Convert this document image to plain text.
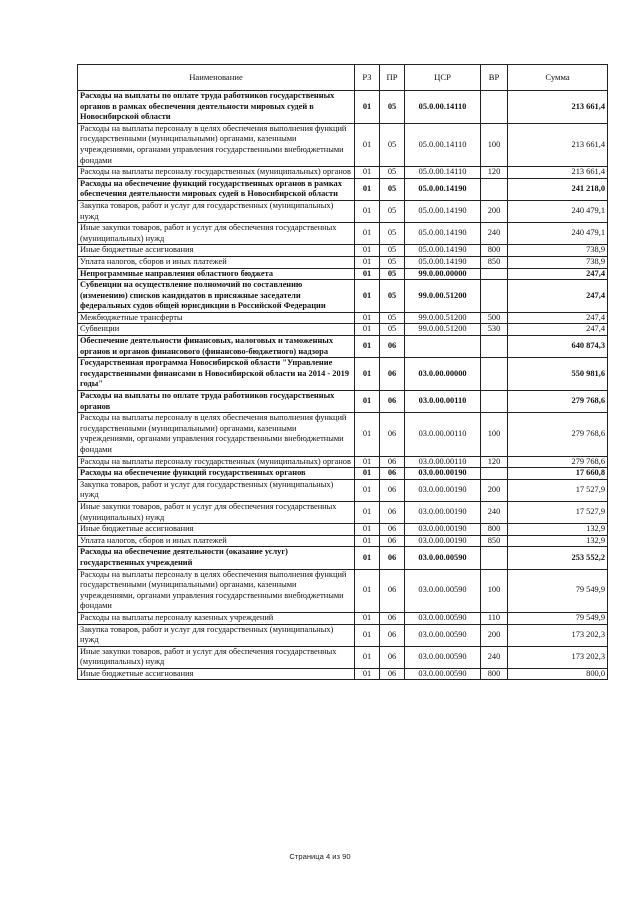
Наименование	РЗ	ПР	ЦСР	ВР	Сумма
Расходы на выплаты по оплате труда работников государственных органов в рамках обеспечения деятельности мировых судей в Новосибирской области	01	05	05.0.00.14110		213 661,4
Расходы на выплаты персоналу в целях обеспечения выполнения функций государственными (муниципальными) органами, казенными учреждениями, органами управления государственными внебюджетными фондами	01	05	05.0.00.14110	100	213 661,4
Расходы на выплаты персоналу государственных (муниципальных) органов	01	05	05.0.00.14110	120	213 661,4
Расходы на обеспечение функций государственных органов в рамках обеспечения деятельности мировых судей в Новосибирской области	01	05	05.0.00.14190		241 218,0
Закупка товаров, работ и услуг для государственных (муниципальных) нужд	01	05	05.0.00.14190	200	240 479,1
Иные закупки товаров, работ и услуг для обеспечения государственных (муниципальных) нужд	01	05	05.0.00.14190	240	240 479,1
Иные бюджетные ассигнования	01	05	05.0.00.14190	800	738,9
Уплата налогов, сборов и иных платежей	01	05	05.0.00.14190	850	738,9
Непрограммные направления областного бюджета	01	05	99.0.00.00000		247,4
Субвенции на осуществление полномочий по составлению (изменению) списков кандидатов в присяжные заседатели федеральных судов общей юрисдикции в Российской Федерации	01	05	99.0.00.51200		247,4
Межбюджетные трансферты	01	05	99.0.00.51200	500	247,4
Субвенции	01	05	99.0.00.51200	530	247,4
Обеспечение деятельности финансовых, налоговых и таможенных органов и органов финансового (финансово-бюджетного) надзора	01	06			640 874,3
Государственная программа Новосибирской области "Управление государственными финансами в Новосибирской области на 2014 - 2019 годы"	01	06	03.0.00.00000		550 981,6
Расходы на выплаты по оплате труда работников государственных органов	01	06	03.0.00.00110		279 768,6
Расходы на выплаты персоналу в целях обеспечения выполнения функций государственными (муниципальными) органами, казенными учреждениями, органами управления государственными внебюджетными фондами	01	06	03.0.00.00110	100	279 768,6
Расходы на выплаты персоналу государственных (муниципальных) органов	01	06	03.0.00.00110	120	279 768,6
Расходы на обеспечение функций государственных органов	01	06	03.0.00.00190		17 660,8
Закупка товаров, работ и услуг для государственных (муниципальных) нужд	01	06	03.0.00.00190	200	17 527,9
Иные закупки товаров, работ и услуг для обеспечения государственных (муниципальных) нужд	01	06	03.0.00.00190	240	17 527,9
Иные бюджетные ассигнования	01	06	03.0.00.00190	800	132,9
Уплата налогов, сборов и иных платежей	01	06	03.0.00.00190	850	132,9
Расходы на обеспечение деятельности (оказание услуг) государственных учреждений	01	06	03.0.00.00590		253 552,2
Расходы на выплаты персоналу в целях обеспечения выполнения функций государственными (муниципальными) органами, казенными учреждениями, органами управления государственными внебюджетными фондами	01	06	03.0.00.00590	100	79 549,9
Расходы на выплаты персоналу казенных учреждений	01	06	03.0.00.00590	110	79 549,9
Закупка товаров, работ и услуг для государственных (муниципальных) нужд	01	06	03.0.00.00590	200	173 202,3
Иные закупки товаров, работ и услуг для обеспечения государственных (муниципальных) нужд	01	06	03.0.00.00590	240	173 202,3
Иные бюджетные ассигнования	01	06	03.0.00.00590	800	800,0
Страница 4 из 90
